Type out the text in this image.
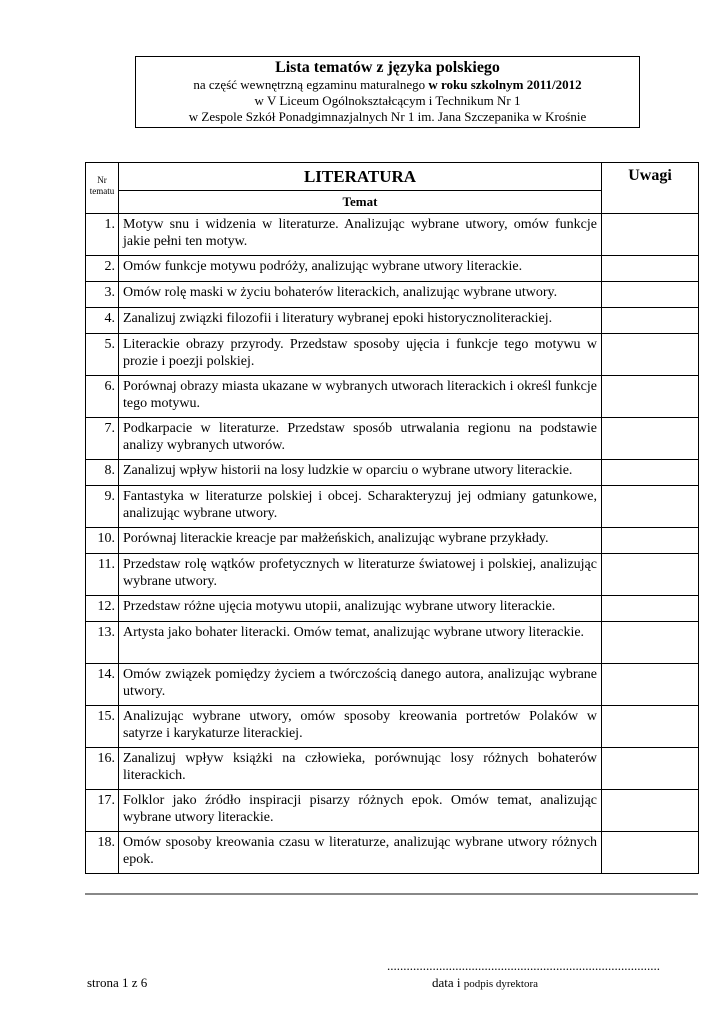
Lista tematów z języka polskiego
na część wewnętrzną egzaminu maturalnego w roku szkolnym 2011/2012
w V Liceum Ogólnokształcącym i Technikum Nr 1
w Zespole Szkół Ponadgimnazjalnych Nr 1 im. Jana Szczepanika w Krośnie
Nr
tematu	LITERATURA	Uwagi
	Temat	
1.	Motyw snu i widzenia w literaturze. Analizując wybrane utwory, omów funkcje jakie pełni ten motyw.	
2.	Omów funkcje motywu podróży, analizując wybrane utwory literackie.	
3.	Omów rolę maski w życiu bohaterów literackich, analizując wybrane utwory.	
4.	Zanalizuj związki filozofii i literatury wybranej epoki historycznoliterackiej.	
5.	Literackie obrazy przyrody. Przedstaw sposoby ujęcia i funkcje tego motywu w prozie i poezji polskiej.	
6.	Porównaj obrazy miasta ukazane w wybranych utworach literackich i określ funkcje tego motywu.	
7.	Podkarpacie w literaturze. Przedstaw sposób utrwalania regionu na podstawie analizy wybranych utworów.	
8.	Zanalizuj wpływ historii na losy ludzkie w oparciu o wybrane utwory literackie.	
9.	Fantastyka w literaturze polskiej i obcej. Scharakteryzuj jej odmiany gatunkowe, analizując wybrane utwory.	
10.	Porównaj literackie kreacje par małżeńskich, analizując wybrane przykłady.	
11.	Przedstaw rolę wątków profetycznych w literaturze światowej i polskiej, analizując wybrane utwory.	
12.	Przedstaw różne ujęcia motywu utopii, analizując wybrane utwory literackie.	
13.	Artysta jako bohater literacki. Omów temat, analizując wybrane utwory literackie.	
14.	Omów związek pomiędzy życiem a twórczością danego autora, analizując wybrane utwory.	
15.	Analizując wybrane utwory, omów sposoby kreowania portretów Polaków w satyrze i karykaturze literackiej.	
16.	Zanalizuj wpływ książki na człowieka, porównując losy różnych bohaterów literackich.	
17.	Folklor jako źródło inspiracji pisarzy różnych epok. Omów temat, analizując wybrane utwory literackie.	
18.	Omów sposoby kreowania czasu w literaturze, analizując wybrane utwory różnych epok.	
strona 1 z 6
....................................................................................
data i podpis dyrektora
